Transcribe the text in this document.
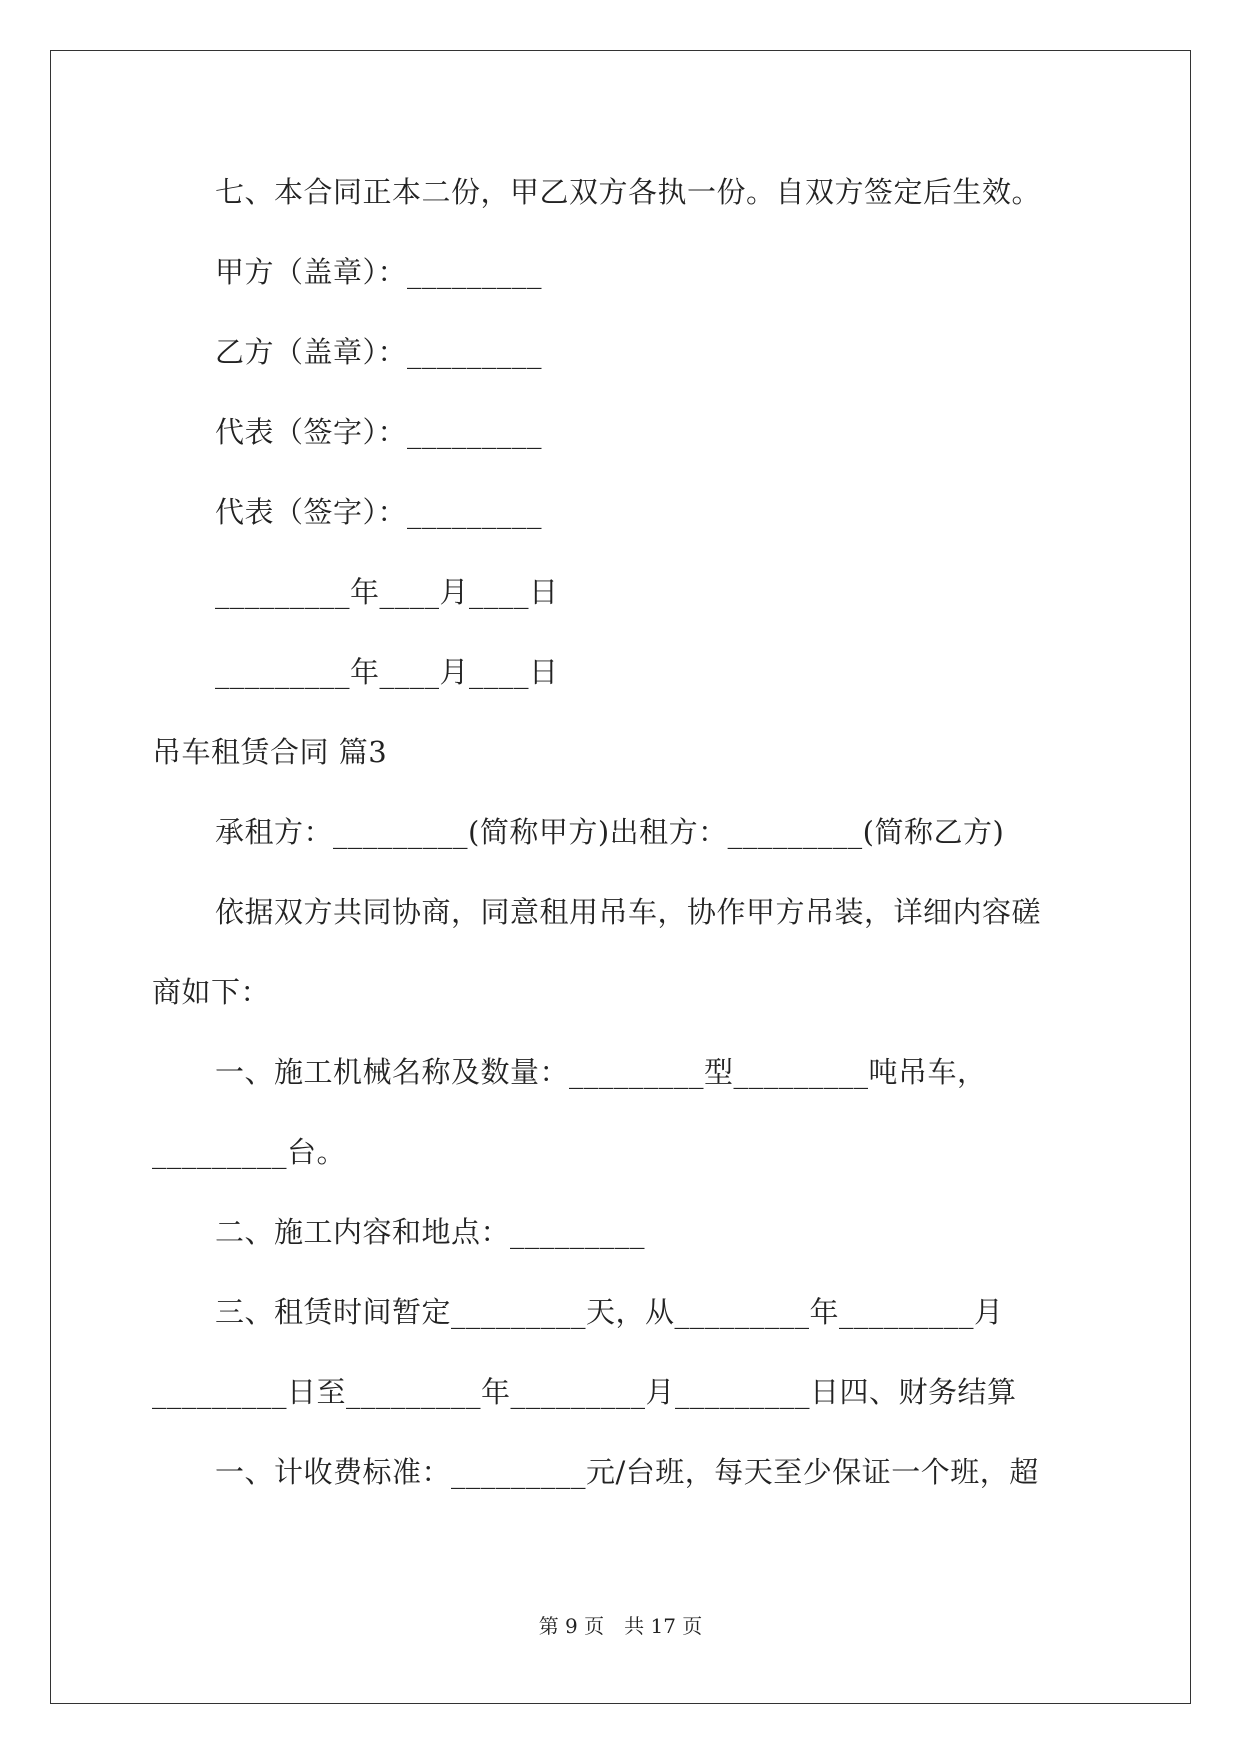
七、本合同正本二份，甲乙双方各执一份。自双方签定后生效。
甲方（盖章）：_________
乙方（盖章）：_________
代表（签字）：_________
代表（签字）：_________
_________年____月____日
_________年____月____日
吊车租赁合同 篇3
承租方：_________(简称甲方)出租方：_________(简称乙方)
依据双方共同协商，同意租用吊车，协作甲方吊装，详细内容磋
商如下：
一、施工机械名称及数量：_________型_________吨吊车，
_________台。
二、施工内容和地点：_________
三、租赁时间暂定_________天，从_________年_________月
_________日至_________年_________月_________日四、财务结算
一、计收费标准：_________元/台班，每天至少保证一个班，超
第 9 页　共 17 页
